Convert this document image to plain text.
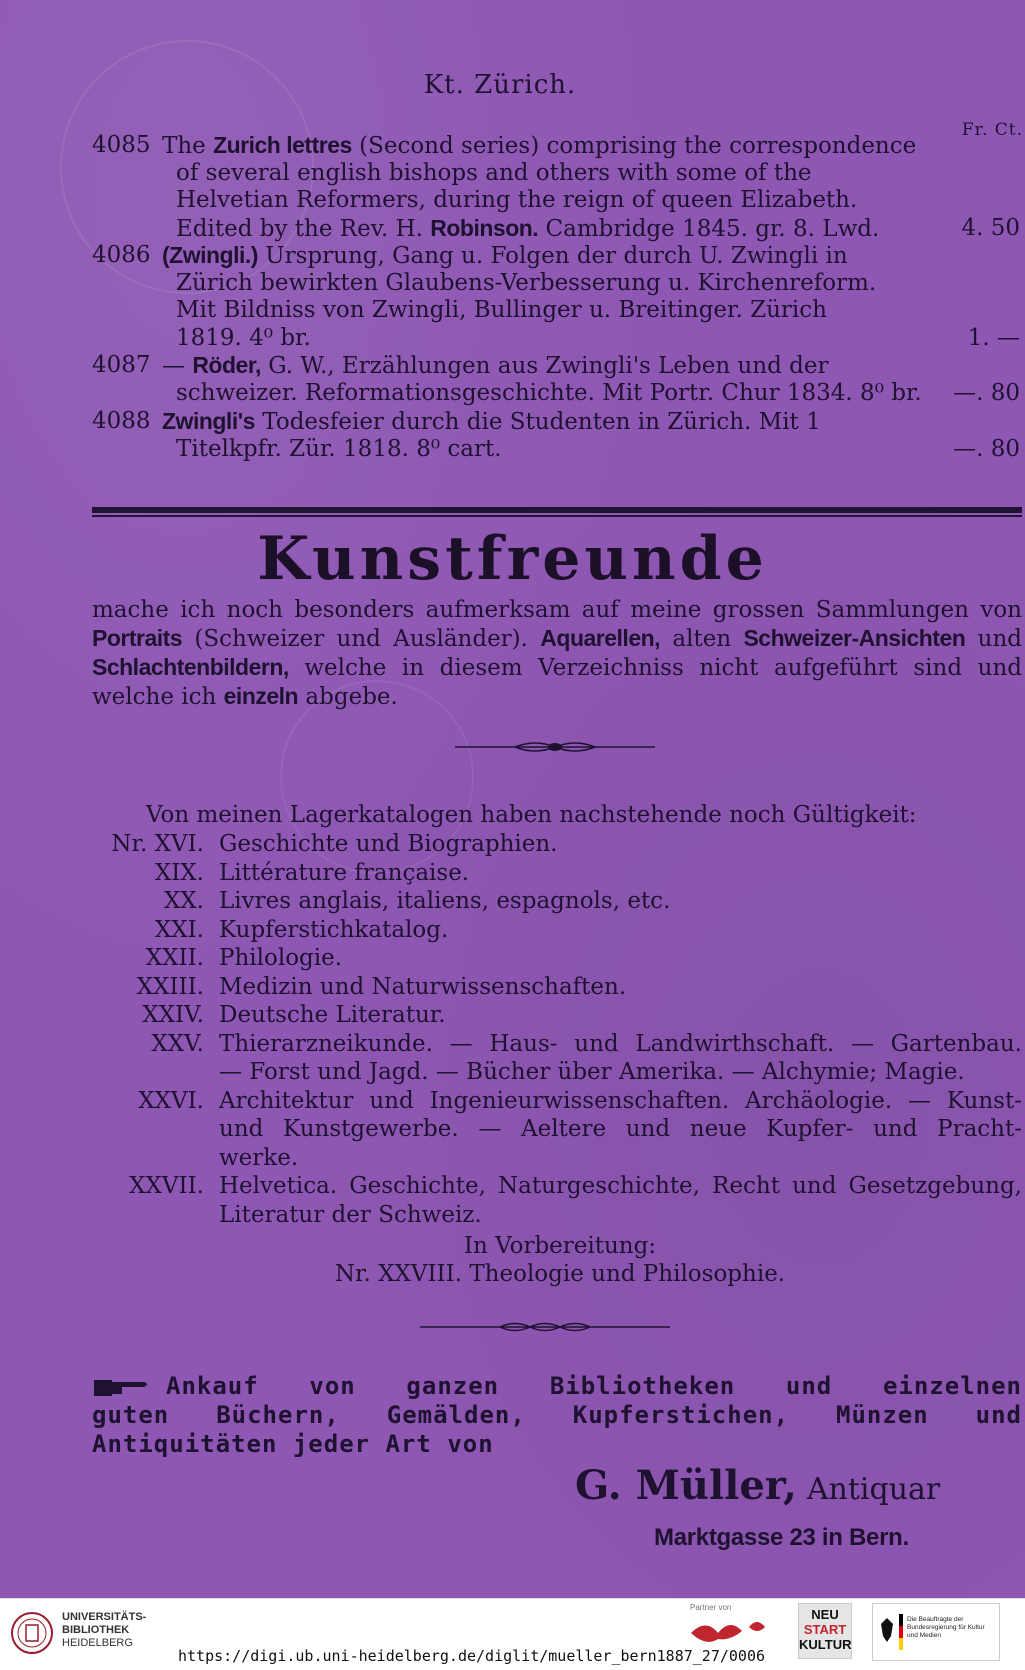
Kt. Zürich.
Fr. Ct.
4085 The Zurich lettres (Second series) comprising the correspondence
of several english bishops and others with some of the
Helvetian Reformers, during the reign of queen Elizabeth.
Edited by the Rev. H. Robinson. Cambridge 1845. gr. 8. Lwd.	4. 50
4086 (Zwingli.) Ursprung, Gang u. Folgen der durch U. Zwingli in
Zürich bewirkten Glaubens-Verbesserung u. Kirchenreform.
Mit Bildniss von Zwingli, Bullinger u. Breitinger. Zürich
1819. 4⁰ br.	1. —
4087 — Röder, G. W., Erzählungen aus Zwingli's Leben und der
schweizer. Reformationsgeschichte. Mit Portr. Chur 1834. 8⁰ br.	—. 80
4088 Zwingli's Todesfeier durch die Studenten in Zürich. Mit 1
Titelkpfr. Zür. 1818. 8⁰ cart.	—. 80
Kunstfreunde
mache ich noch besonders aufmerksam auf meine grossen Sammlungen von
Portraits (Schweizer und Ausländer). Aquarellen, alten Schweizer-Ansichten und
Schlachtenbildern, welche in diesem Verzeichniss nicht aufgeführt sind und
welche ich einzeln abgebe.
Von meinen Lagerkatalogen haben nachstehende noch Gültigkeit:
Nr. XVI. Geschichte und Biographien.
XIX. Littérature française.
XX. Livres anglais, italiens, espagnols, etc.
XXI. Kupferstichkatalog.
XXII. Philologie.
XXIII. Medizin und Naturwissenschaften.
XXIV. Deutsche Literatur.
XXV. Thierarzneikunde. — Haus- und Landwirthschaft. — Gartenbau.
— Forst und Jagd. — Bücher über Amerika. — Alchymie; Magie.
XXVI. Architektur und Ingenieurwissenschaften. Archäologie. — Kunst-
und Kunstgewerbe. — Aeltere und neue Kupfer- und Pracht-
werke.
XXVII. Helvetica. Geschichte, Naturgeschichte, Recht und Gesetzgebung,
Literatur der Schweiz.
In Vorbereitung:
Nr. XXVIII. Theologie und Philosophie.
Ankauf von ganzen Bibliotheken und einzelnen
guten Büchern, Gemälden, Kupferstichen, Münzen und
Antiquitäten jeder Art von
G. Müller, Antiquar
Marktgasse 23 in Bern.
UNIVERSITÄTS-
BIBLIOTHEK
HEIDELBERG
https://digi.ub.uni-heidelberg.de/diglit/mueller_bern1887_27/0006
Partner von	NEU
START
KULTUR
Die Beauftragte der Bundesregierung für Kultur und Medien
